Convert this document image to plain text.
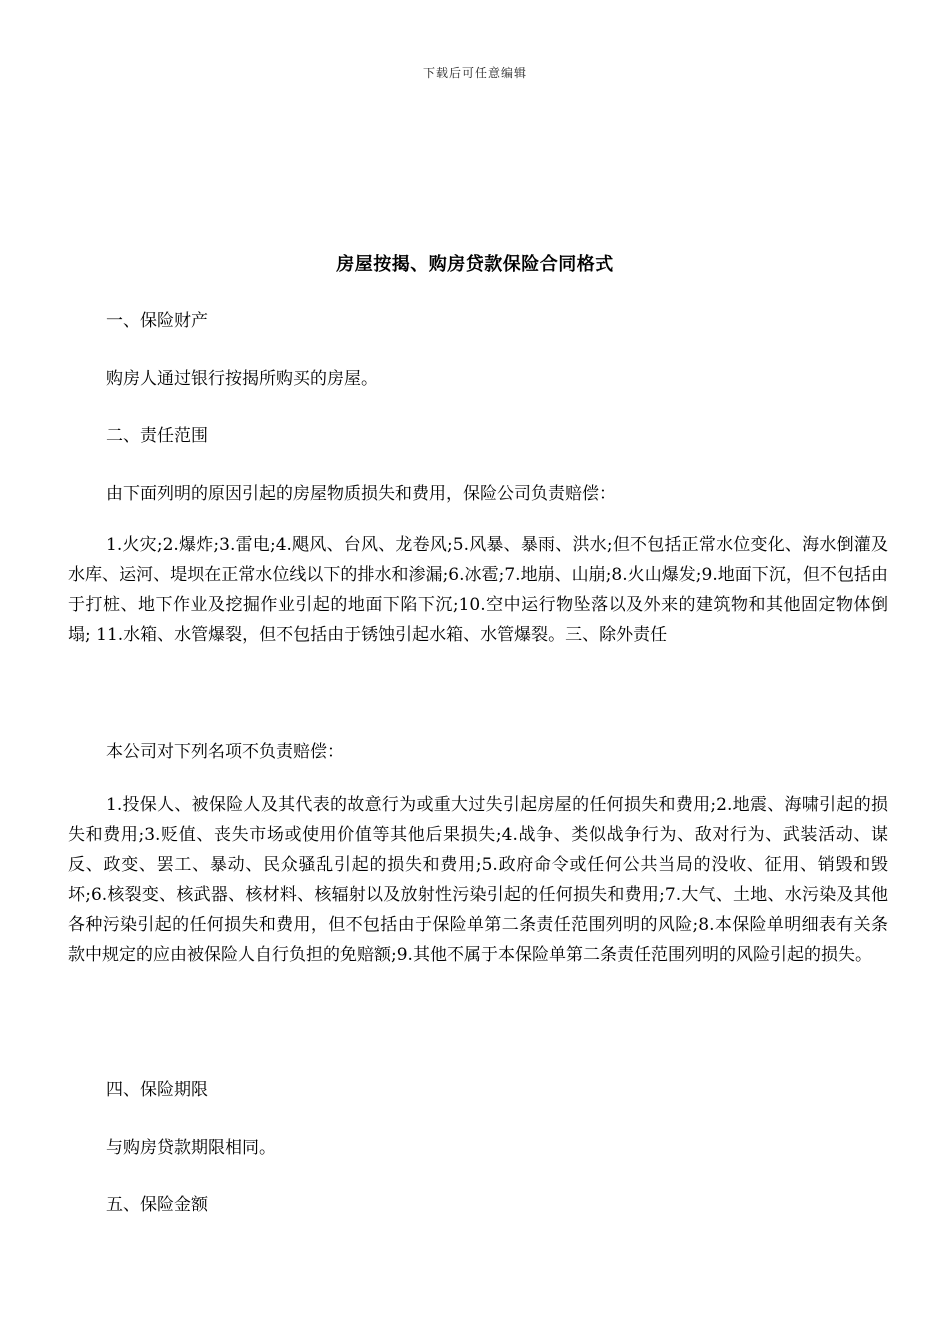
下载后可任意编辑
房屋按揭、购房贷款保险合同格式
一、保险财产
购房人通过银行按揭所购买的房屋。
二、责任范围
由下面列明的原因引起的房屋物质损失和费用，保险公司负责赔偿：

1.火灾;2.爆炸;3.雷电;4.飓风、台风、龙卷风;5.风暴、暴雨、洪水;但不包括正常水位变化、海水倒灌及水库、运河、堤坝在正常水位线以下的排水和渗漏;6.冰雹;7.地崩、山崩;8.火山爆发;9.地面下沉，但不包括由于打桩、地下作业及挖掘作业引起的地面下陷下沉;10.空中运行物坠落以及外来的建筑物和其他固定物体倒塌; 11.水箱、水管爆裂，但不包括由于锈蚀引起水箱、水管爆裂。三、除外责任

本公司对下列名项不负责赔偿：

1.投保人、被保险人及其代表的故意行为或重大过失引起房屋的任何损失和费用;2.地震、海啸引起的损失和费用;3.贬值、丧失市场或使用价值等其他后果损失;4.战争、类似战争行为、敌对行为、武装活动、谋反、政变、罢工、暴动、民众骚乱引起的损失和费用;5.政府命令或任何公共当局的没收、征用、销毁和毁坏;6.核裂变、核武器、核材料、核辐射以及放射性污染引起的任何损失和费用;7.大气、土地、水污染及其他各种污染引起的任何损失和费用，但不包括由于保险单第二条责任范围列明的风险;8.本保险单明细表有关条款中规定的应由被保险人自行负担的免赔额;9.其他不属于本保险单第二条责任范围列明的风险引起的损失。

四、保险期限
与购房贷款期限相同。
五、保险金额
